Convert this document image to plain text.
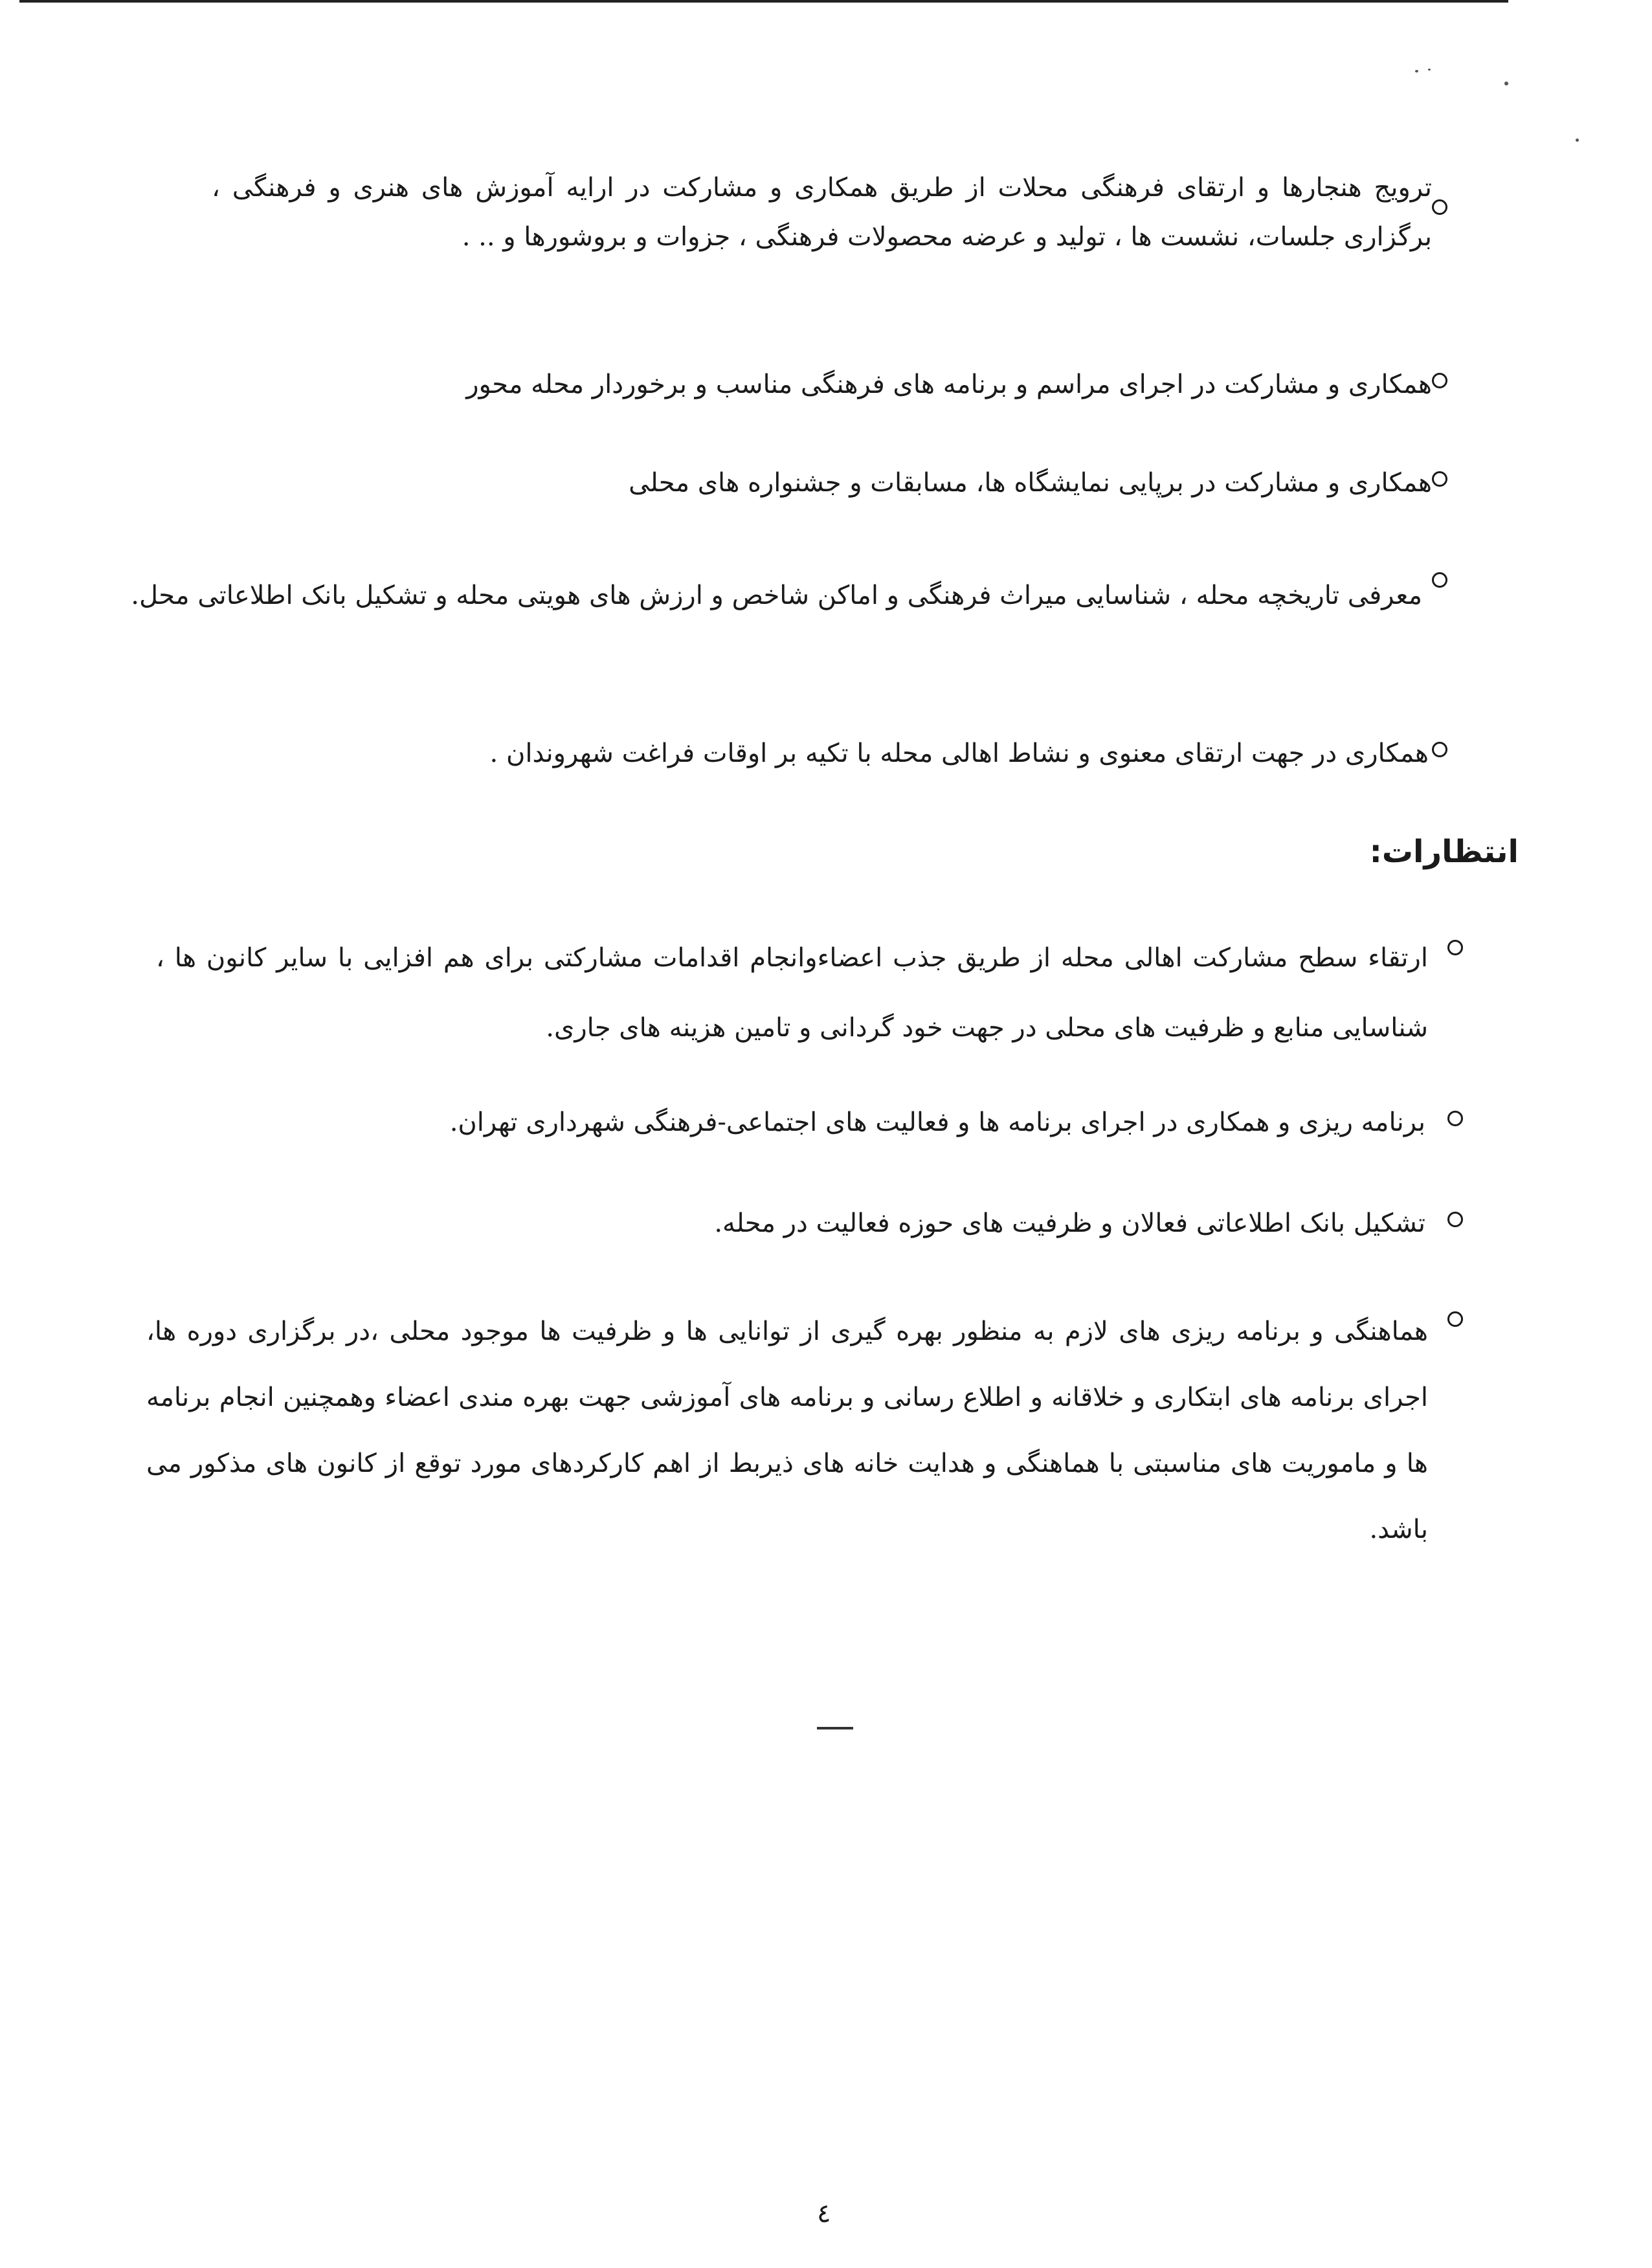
ترویج هنجارها و ارتقای فرهنگی محلات از طریق همکاری و مشارکت در ارایه آموزش های هنری و فرهنگی ، برگزاری جلسات، نشست ها ، تولید و عرضه محصولات فرهنگی ، جزوات و بروشورها و .. .

همکاری و مشارکت در اجرای مراسم و برنامه های فرهنگی مناسب و برخوردار محله محور

همکاری و مشارکت در برپایی نمایشگاه ها، مسابقات و جشنواره های محلی

معرفی تاریخچه محله ، شناسایی میراث فرهنگی و اماکن شاخص و ارزش های هویتی محله و تشکیل بانک اطلاعاتی محل.

همکاری در جهت ارتقای معنوی و نشاط اهالی محله با تکیه بر اوقات فراغت شهروندان .

انتظارات:

ارتقاء سطح مشارکت اهالی محله از طریق جذب اعضاءوانجام اقدامات مشارکتی برای هم افزایی با سایر کانون ها ، شناسایی منابع و ظرفیت های محلی در جهت خود گردانی و تامین هزینه های جاری.

برنامه ریزی و همکاری در اجرای برنامه ها و فعالیت های اجتماعی-فرهنگی شهرداری تهران.

تشکیل بانک اطلاعاتی فعالان و ظرفیت های حوزه فعالیت در محله.

هماهنگی و برنامه ریزی های لازم به منظور بهره گیری از توانایی ها و ظرفیت ها موجود محلی ،در برگزاری دوره ها، اجرای برنامه های ابتکاری و خلاقانه و اطلاع رسانی و برنامه های آموزشی جهت بهره مندی اعضاء وهمچنین انجام برنامه ها و ماموریت های مناسبتی با هماهنگی و هدایت خانه های ذیربط از اهم کارکردهای مورد توقع از کانون های مذکور می باشد.

٤
